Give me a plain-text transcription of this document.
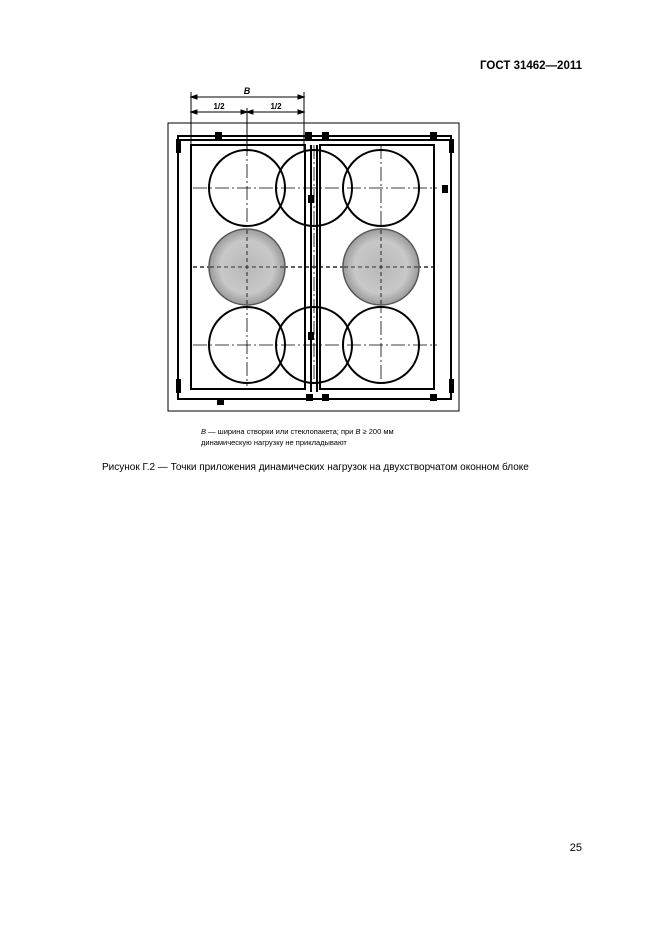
ГОСТ 31462—2011
B
1/2	1/2
B — ширина створки или стеклопакета; при B ≥ 200 мм
динамическую нагрузку не прикладывают
Рисунок Г.2 — Точки приложения динамических нагрузок на двухстворчатом оконном блоке
25
